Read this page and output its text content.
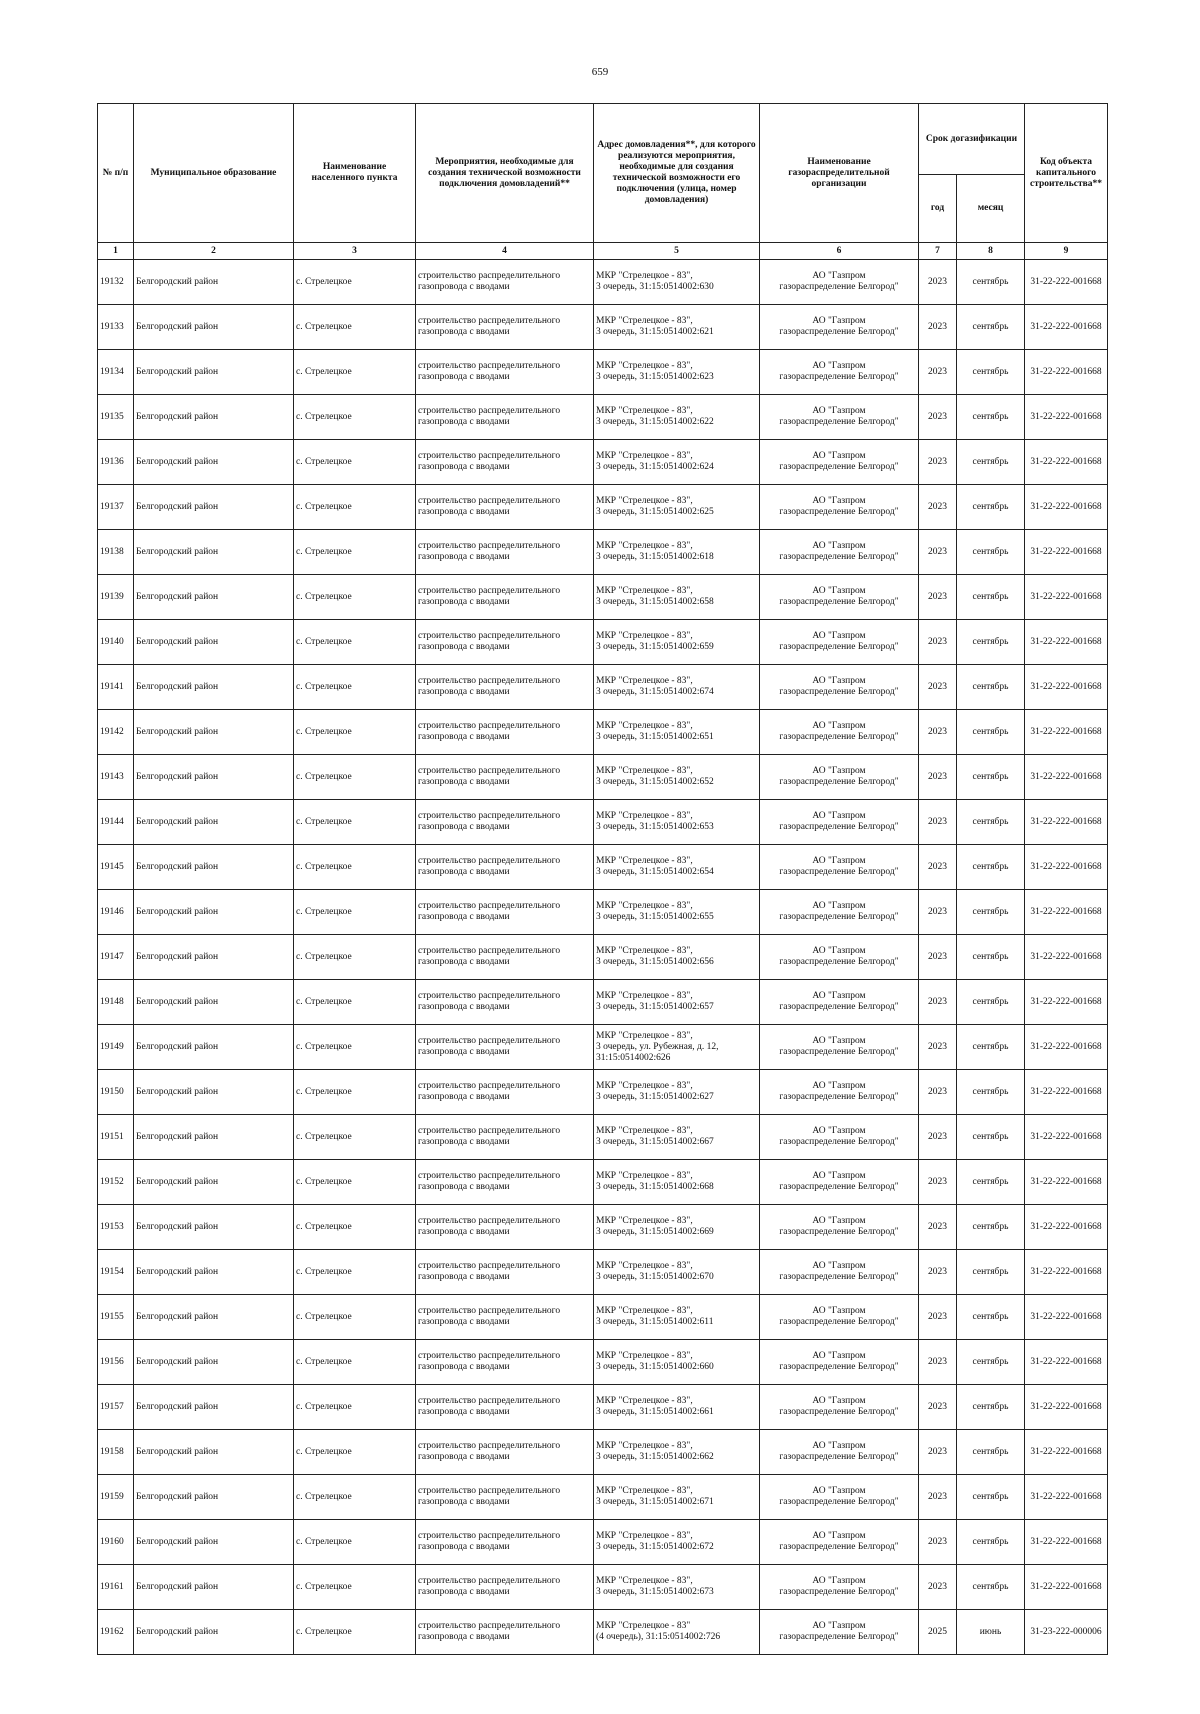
659
№ п/п	Муниципальное образование	Наименование населенного пункта	Мероприятия, необходимые для создания технической возможности подключения домовладений**	Адрес домовладения**, для которого реализуются мероприятия, необходимые для создания технической возможности его подключения (улица, номер домовладения)	Наименование газораспределительной организации	Срок догазификации		Код объекта капитального строительства**
						год	месяц	
1	2	3	4	5	6	7	8	9
19132	Белгородский район	с. Стрелецкое	строительство распределительного
газопровода с вводами	МКР "Стрелецкое - 83",
3 очередь, 31:15:0514002:630	АО "Газпром
газораспределение Белгород"	2023	сентябрь	31-22-222-001668
19133	Белгородский район	с. Стрелецкое	строительство распределительного
газопровода с вводами	МКР "Стрелецкое - 83",
3 очередь, 31:15:0514002:621	АО "Газпром
газораспределение Белгород"	2023	сентябрь	31-22-222-001668
19134	Белгородский район	с. Стрелецкое	строительство распределительного
газопровода с вводами	МКР "Стрелецкое - 83",
3 очередь, 31:15:0514002:623	АО "Газпром
газораспределение Белгород"	2023	сентябрь	31-22-222-001668
19135	Белгородский район	с. Стрелецкое	строительство распределительного
газопровода с вводами	МКР "Стрелецкое - 83",
3 очередь, 31:15:0514002:622	АО "Газпром
газораспределение Белгород"	2023	сентябрь	31-22-222-001668
19136	Белгородский район	с. Стрелецкое	строительство распределительного
газопровода с вводами	МКР "Стрелецкое - 83",
3 очередь, 31:15:0514002:624	АО "Газпром
газораспределение Белгород"	2023	сентябрь	31-22-222-001668
19137	Белгородский район	с. Стрелецкое	строительство распределительного
газопровода с вводами	МКР "Стрелецкое - 83",
3 очередь, 31:15:0514002:625	АО "Газпром
газораспределение Белгород"	2023	сентябрь	31-22-222-001668
19138	Белгородский район	с. Стрелецкое	строительство распределительного
газопровода с вводами	МКР "Стрелецкое - 83",
3 очередь, 31:15:0514002:618	АО "Газпром
газораспределение Белгород"	2023	сентябрь	31-22-222-001668
19139	Белгородский район	с. Стрелецкое	строительство распределительного
газопровода с вводами	МКР "Стрелецкое - 83",
3 очередь, 31:15:0514002:658	АО "Газпром
газораспределение Белгород"	2023	сентябрь	31-22-222-001668
19140	Белгородский район	с. Стрелецкое	строительство распределительного
газопровода с вводами	МКР "Стрелецкое - 83",
3 очередь, 31:15:0514002:659	АО "Газпром
газораспределение Белгород"	2023	сентябрь	31-22-222-001668
19141	Белгородский район	с. Стрелецкое	строительство распределительного
газопровода с вводами	МКР "Стрелецкое - 83",
3 очередь, 31:15:0514002:674	АО "Газпром
газораспределение Белгород"	2023	сентябрь	31-22-222-001668
19142	Белгородский район	с. Стрелецкое	строительство распределительного
газопровода с вводами	МКР "Стрелецкое - 83",
3 очередь, 31:15:0514002:651	АО "Газпром
газораспределение Белгород"	2023	сентябрь	31-22-222-001668
19143	Белгородский район	с. Стрелецкое	строительство распределительного
газопровода с вводами	МКР "Стрелецкое - 83",
3 очередь, 31:15:0514002:652	АО "Газпром
газораспределение Белгород"	2023	сентябрь	31-22-222-001668
19144	Белгородский район	с. Стрелецкое	строительство распределительного
газопровода с вводами	МКР "Стрелецкое - 83",
3 очередь, 31:15:0514002:653	АО "Газпром
газораспределение Белгород"	2023	сентябрь	31-22-222-001668
19145	Белгородский район	с. Стрелецкое	строительство распределительного
газопровода с вводами	МКР "Стрелецкое - 83",
3 очередь, 31:15:0514002:654	АО "Газпром
газораспределение Белгород"	2023	сентябрь	31-22-222-001668
19146	Белгородский район	с. Стрелецкое	строительство распределительного
газопровода с вводами	МКР "Стрелецкое - 83",
3 очередь, 31:15:0514002:655	АО "Газпром
газораспределение Белгород"	2023	сентябрь	31-22-222-001668
19147	Белгородский район	с. Стрелецкое	строительство распределительного
газопровода с вводами	МКР "Стрелецкое - 83",
3 очередь, 31:15:0514002:656	АО "Газпром
газораспределение Белгород"	2023	сентябрь	31-22-222-001668
19148	Белгородский район	с. Стрелецкое	строительство распределительного
газопровода с вводами	МКР "Стрелецкое - 83",
3 очередь, 31:15:0514002:657	АО "Газпром
газораспределение Белгород"	2023	сентябрь	31-22-222-001668
19149	Белгородский район	с. Стрелецкое	строительство распределительного
газопровода с вводами	МКР "Стрелецкое - 83",
3 очередь, ул. Рубежная, д. 12,
31:15:0514002:626	АО "Газпром
газораспределение Белгород"	2023	сентябрь	31-22-222-001668
19150	Белгородский район	с. Стрелецкое	строительство распределительного
газопровода с вводами	МКР "Стрелецкое - 83",
3 очередь, 31:15:0514002:627	АО "Газпром
газораспределение Белгород"	2023	сентябрь	31-22-222-001668
19151	Белгородский район	с. Стрелецкое	строительство распределительного
газопровода с вводами	МКР "Стрелецкое - 83",
3 очередь, 31:15:0514002:667	АО "Газпром
газораспределение Белгород"	2023	сентябрь	31-22-222-001668
19152	Белгородский район	с. Стрелецкое	строительство распределительного
газопровода с вводами	МКР "Стрелецкое - 83",
3 очередь, 31:15:0514002:668	АО "Газпром
газораспределение Белгород"	2023	сентябрь	31-22-222-001668
19153	Белгородский район	с. Стрелецкое	строительство распределительного
газопровода с вводами	МКР "Стрелецкое - 83",
3 очередь, 31:15:0514002:669	АО "Газпром
газораспределение Белгород"	2023	сентябрь	31-22-222-001668
19154	Белгородский район	с. Стрелецкое	строительство распределительного
газопровода с вводами	МКР "Стрелецкое - 83",
3 очередь, 31:15:0514002:670	АО "Газпром
газораспределение Белгород"	2023	сентябрь	31-22-222-001668
19155	Белгородский район	с. Стрелецкое	строительство распределительного
газопровода с вводами	МКР "Стрелецкое - 83",
3 очередь, 31:15:0514002:611	АО "Газпром
газораспределение Белгород"	2023	сентябрь	31-22-222-001668
19156	Белгородский район	с. Стрелецкое	строительство распределительного
газопровода с вводами	МКР "Стрелецкое - 83",
3 очередь, 31:15:0514002:660	АО "Газпром
газораспределение Белгород"	2023	сентябрь	31-22-222-001668
19157	Белгородский район	с. Стрелецкое	строительство распределительного
газопровода с вводами	МКР "Стрелецкое - 83",
3 очередь, 31:15:0514002:661	АО "Газпром
газораспределение Белгород"	2023	сентябрь	31-22-222-001668
19158	Белгородский район	с. Стрелецкое	строительство распределительного
газопровода с вводами	МКР "Стрелецкое - 83",
3 очередь, 31:15:0514002:662	АО "Газпром
газораспределение Белгород"	2023	сентябрь	31-22-222-001668
19159	Белгородский район	с. Стрелецкое	строительство распределительного
газопровода с вводами	МКР "Стрелецкое - 83",
3 очередь, 31:15:0514002:671	АО "Газпром
газораспределение Белгород"	2023	сентябрь	31-22-222-001668
19160	Белгородский район	с. Стрелецкое	строительство распределительного
газопровода с вводами	МКР "Стрелецкое - 83",
3 очередь, 31:15:0514002:672	АО "Газпром
газораспределение Белгород"	2023	сентябрь	31-22-222-001668
19161	Белгородский район	с. Стрелецкое	строительство распределительного
газопровода с вводами	МКР "Стрелецкое - 83",
3 очередь, 31:15:0514002:673	АО "Газпром
газораспределение Белгород"	2023	сентябрь	31-22-222-001668
19162	Белгородский район	с. Стрелецкое	строительство распределительного
газопровода с вводами	МКР "Стрелецкое - 83"
(4 очередь), 31:15:0514002:726	АО "Газпром
газораспределение Белгород"	2025	июнь	31-23-222-000006
